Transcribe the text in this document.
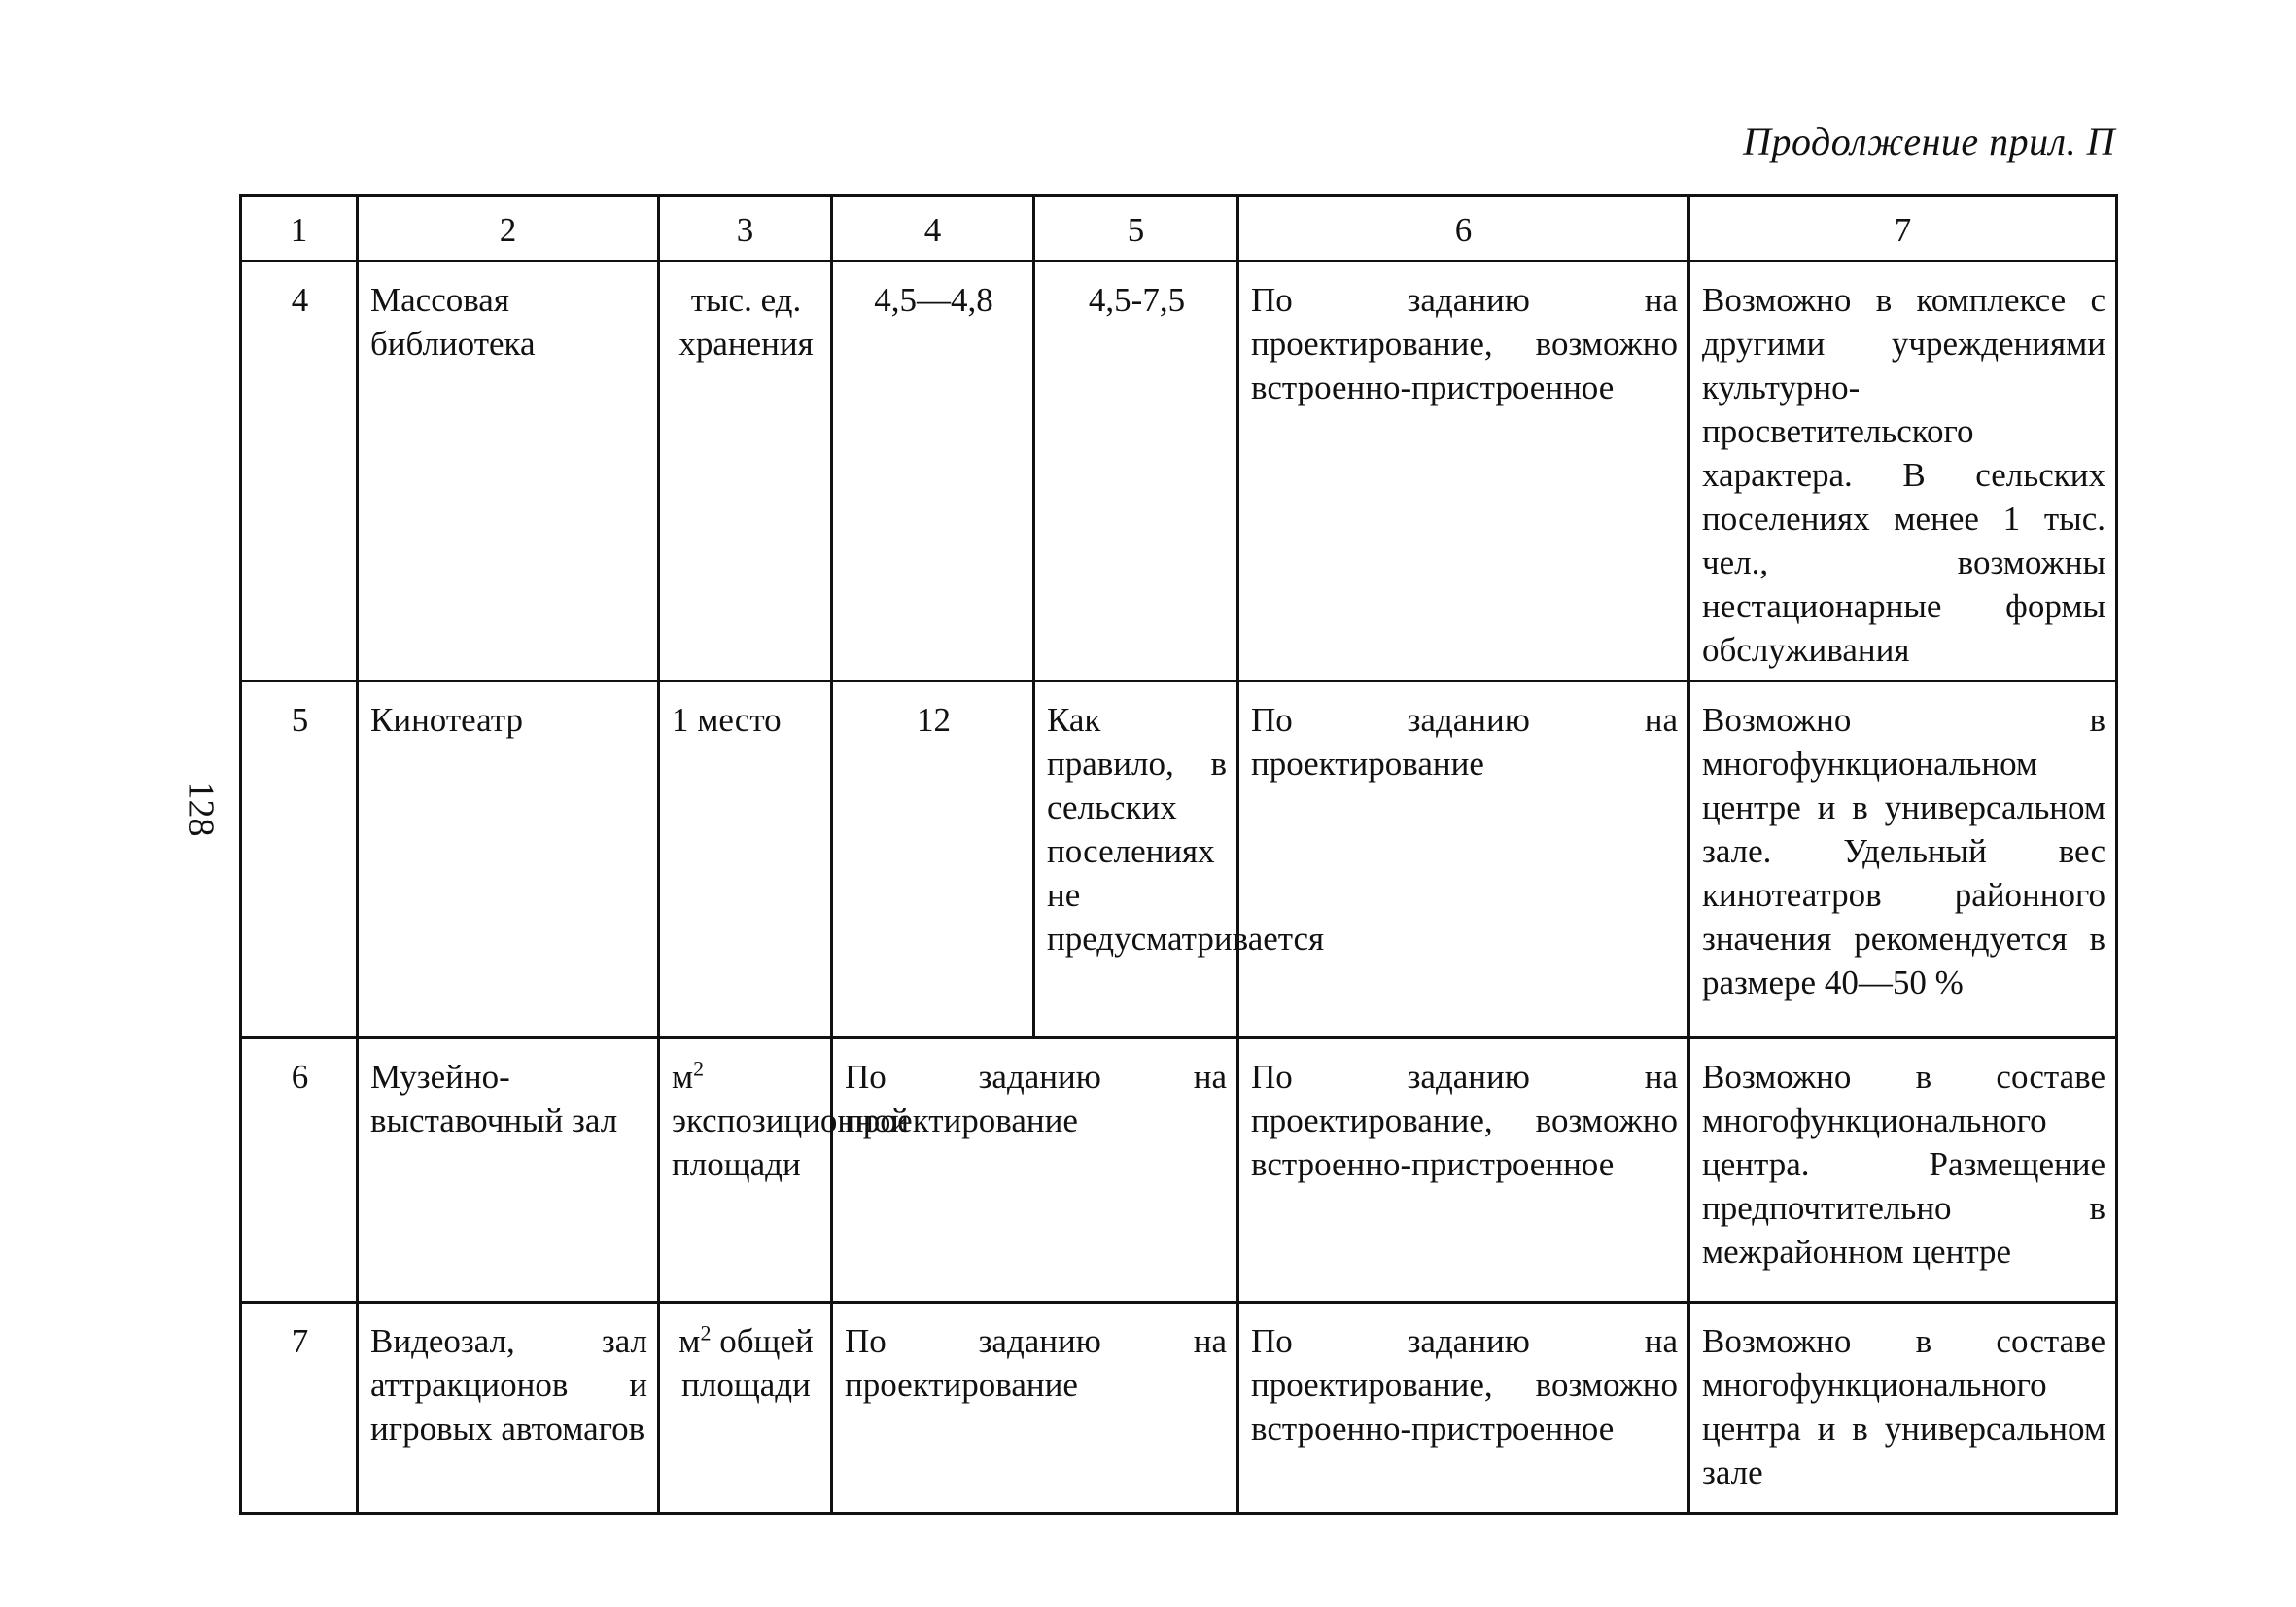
Продолжение прил. П
128
1	2	3	4	5	6	7
4	Массовая библиотека	тыс. ед. хранения	4,5—4,8	4,5-7,5	По заданию на проектирование, возможно встроенно-пристроенное	Возможно в комплексе с другими учреждениями культурно-просветительского характера. В сельских поселениях менее 1 тыс. чел., возможны нестационарные формы обслуживания
5	Кинотеатр	1 место	12	Как правило, в сельских поселениях не предусматривается	По заданию на проектирование	Возможно в многофункциональном центре и в универсальном зале. Удельный вес кинотеатров районного значения рекомендуется в размере 40—50 %
6	Музейно-выставочный зал	$м^2$ экспозиционной площади	По заданию на проектирование		По заданию на проектирование, возможно встроенно-пристроенное	Возможно в составе многофункционального центра. Размещение предпочтительно в межрайонном центре
7	Видеозал, зал аттракционов и игровых автомагов	$м^2$ общей площади	По заданию на проектирование		По заданию на проектирование, возможно встроенно-пристроенное	Возможно в составе многофункционального центра и в универсальном зале
